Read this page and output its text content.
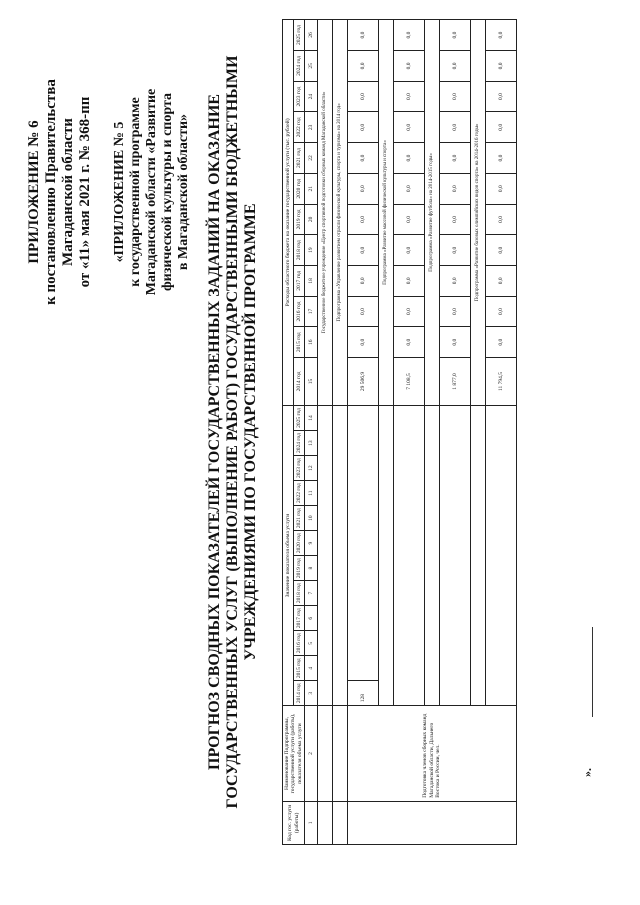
ПРИЛОЖЕНИЕ № 6 к постановлению Правительства Магаданской области от «11» мая 2021 г. № 368-пп «ПРИЛОЖЕНИЕ № 5 к государственной программе Магаданской области «Развитие физической культуры и спорта в Магаданской области» ПРОГНОЗ СВОДНЫХ ПОКАЗАТЕЛЕЙ ГОСУДАРСТВЕННЫХ ЗАДАНИЙ НА ОКАЗАНИЕ ГОСУДАРСТВЕННЫХ УСЛУГ (ВЫПОЛНЕНИЕ РАБОТ) ГОСУДАРСТВЕННЫМИ БЮДЖЕТНЫМИ УЧРЕЖДЕНИЯМИ ПО ГОСУДАРСТВЕННОЙ ПРОГРАММЕ
Код гос. услуги (работы)	Наименование Подпрограммы, государственной услуги (работы), показателя объема услуги	Значение показателя объема услуги												Расходы областного бюджета на оказание государственной услуги (тыс. рублей)											
		2014 год	2015 год	2016 год	2017 год	2018 год	2019 год	2020 год	2021 год	2022 год	2023 год	2024 год	2025 год	2014 год	2015 год	2016 год	2017 год	2018 год	2019 год	2020 год	2021 год	2022 год	2023 год	2024 год	2025 год
1	2	3	4	5	6	7	8	9	10	11	12	13	14	15	16	17	18	19	20	21	22	23	24	25	26
														Государственное бюджетное учреждение «Центр спортивной подготовки сборных команд Магаданской области»											
														Подпрограмма «Управление развитием отрасли физической культуры, спорта и туризма» на 2014 год»											
	Подготовка членов сборных команд Магаданской области, Дальнего Востока и России, чел.	128												29 506,9	0,0	0,0	0,0	0,0	0,0	0,0	0,0	0,0	0,0	0,0	0,0
														Подпрограмма «Развитие массовой физической культуры и спорта»											
														7 108,5	0,0	0,0	0,0	0,0	0,0	0,0	0,0	0,0	0,0	0,0	0,0
														Подпрограмма «Развитие футбола» на 2014-2015 годы»											
														1 877,0	0,0	0,0	0,0	0,0	0,0	0,0	0,0	0,0	0,0	0,0	0,0
														Подпрограмма «Развитие базовых олимпийских видов спорта» на 2014-2016 годы»											
														11 794,5	0,0	0,0	0,0	0,0	0,0	0,0	0,0	0,0	0,0	0,0	0,0
».
